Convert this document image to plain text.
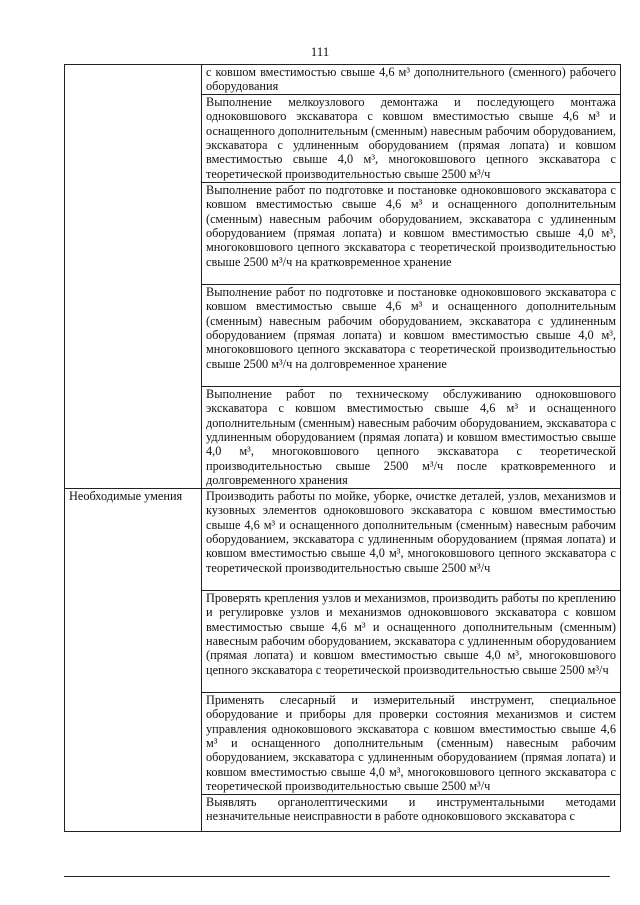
111

	с ковшом вместимостью свыше 4,6 м³ дополнительного (сменного) рабочего оборудования

	Выполнение мелкоузлового демонтажа и последующего монтажа одноковшового экскаватора с ковшом вместимостью свыше 4,6 м³ и оснащенного дополнительным (сменным) навесным рабочим оборудованием, экскаватора с удлиненным оборудованием (прямая лопата) и ковшом вместимостью свыше 4,0 м³, многоковшового цепного экскаватора с теоретической производительностью свыше 2500 м³/ч

	Выполнение работ по подготовке и постановке одноковшового экскаватора с ковшом вместимостью свыше 4,6 м³ и оснащенного дополнительным (сменным) навесным рабочим оборудованием, экскаватора с удлиненным оборудованием (прямая лопата) и ковшом вместимостью свыше 4,0 м³, многоковшового цепного экскаватора с теоретической производительностью свыше 2500 м³/ч на кратковременное хранение

	Выполнение работ по подготовке и постановке одноковшового экскаватора с ковшом вместимостью свыше 4,6 м³ и оснащенного дополнительным (сменным) навесным рабочим оборудованием, экскаватора с удлиненным оборудованием (прямая лопата) и ковшом вместимостью свыше 4,0 м³, многоковшового цепного экскаватора с теоретической производительностью свыше 2500 м³/ч на долговременное хранение

	Выполнение работ по техническому обслуживанию одноковшового экскаватора с ковшом вместимостью свыше 4,6 м³ и оснащенного дополнительным (сменным) навесным рабочим оборудованием, экскаватора с удлиненным оборудованием (прямая лопата) и ковшом вместимостью свыше 4,0 м³, многоковшового цепного экскаватора с теоретической производительностью свыше 2500 м³/ч после кратковременного и долговременного хранения

Необходимые умения	Производить работы по мойке, уборке, очистке деталей, узлов, механизмов и кузовных элементов одноковшового экскаватора с ковшом вместимостью свыше 4,6 м³ и оснащенного дополнительным (сменным) навесным рабочим оборудованием, экскаватора с удлиненным оборудованием (прямая лопата) и ковшом вместимостью свыше 4,0 м³, многоковшового цепного экскаватора с теоретической производительностью свыше 2500 м³/ч

	Проверять крепления узлов и механизмов, производить работы по креплению и регулировке узлов и механизмов одноковшового экскаватора с ковшом вместимостью свыше 4,6 м³ и оснащенного дополнительным (сменным) навесным рабочим оборудованием, экскаватора с удлиненным оборудованием (прямая лопата) и ковшом вместимостью свыше 4,0 м³, многоковшового цепного экскаватора с теоретической производительностью свыше 2500 м³/ч

	Применять слесарный и измерительный инструмент, специальное оборудование и приборы для проверки состояния механизмов и систем управления одноковшового экскаватора с ковшом вместимостью свыше 4,6 м³ и оснащенного дополнительным (сменным) навесным рабочим оборудованием, экскаватора с удлиненным оборудованием (прямая лопата) и ковшом вместимостью свыше 4,0 м³, многоковшового цепного экскаватора с теоретической производительностью свыше 2500 м³/ч

	Выявлять органолептическими и инструментальными методами незначительные неисправности в работе одноковшового экскаватора с
